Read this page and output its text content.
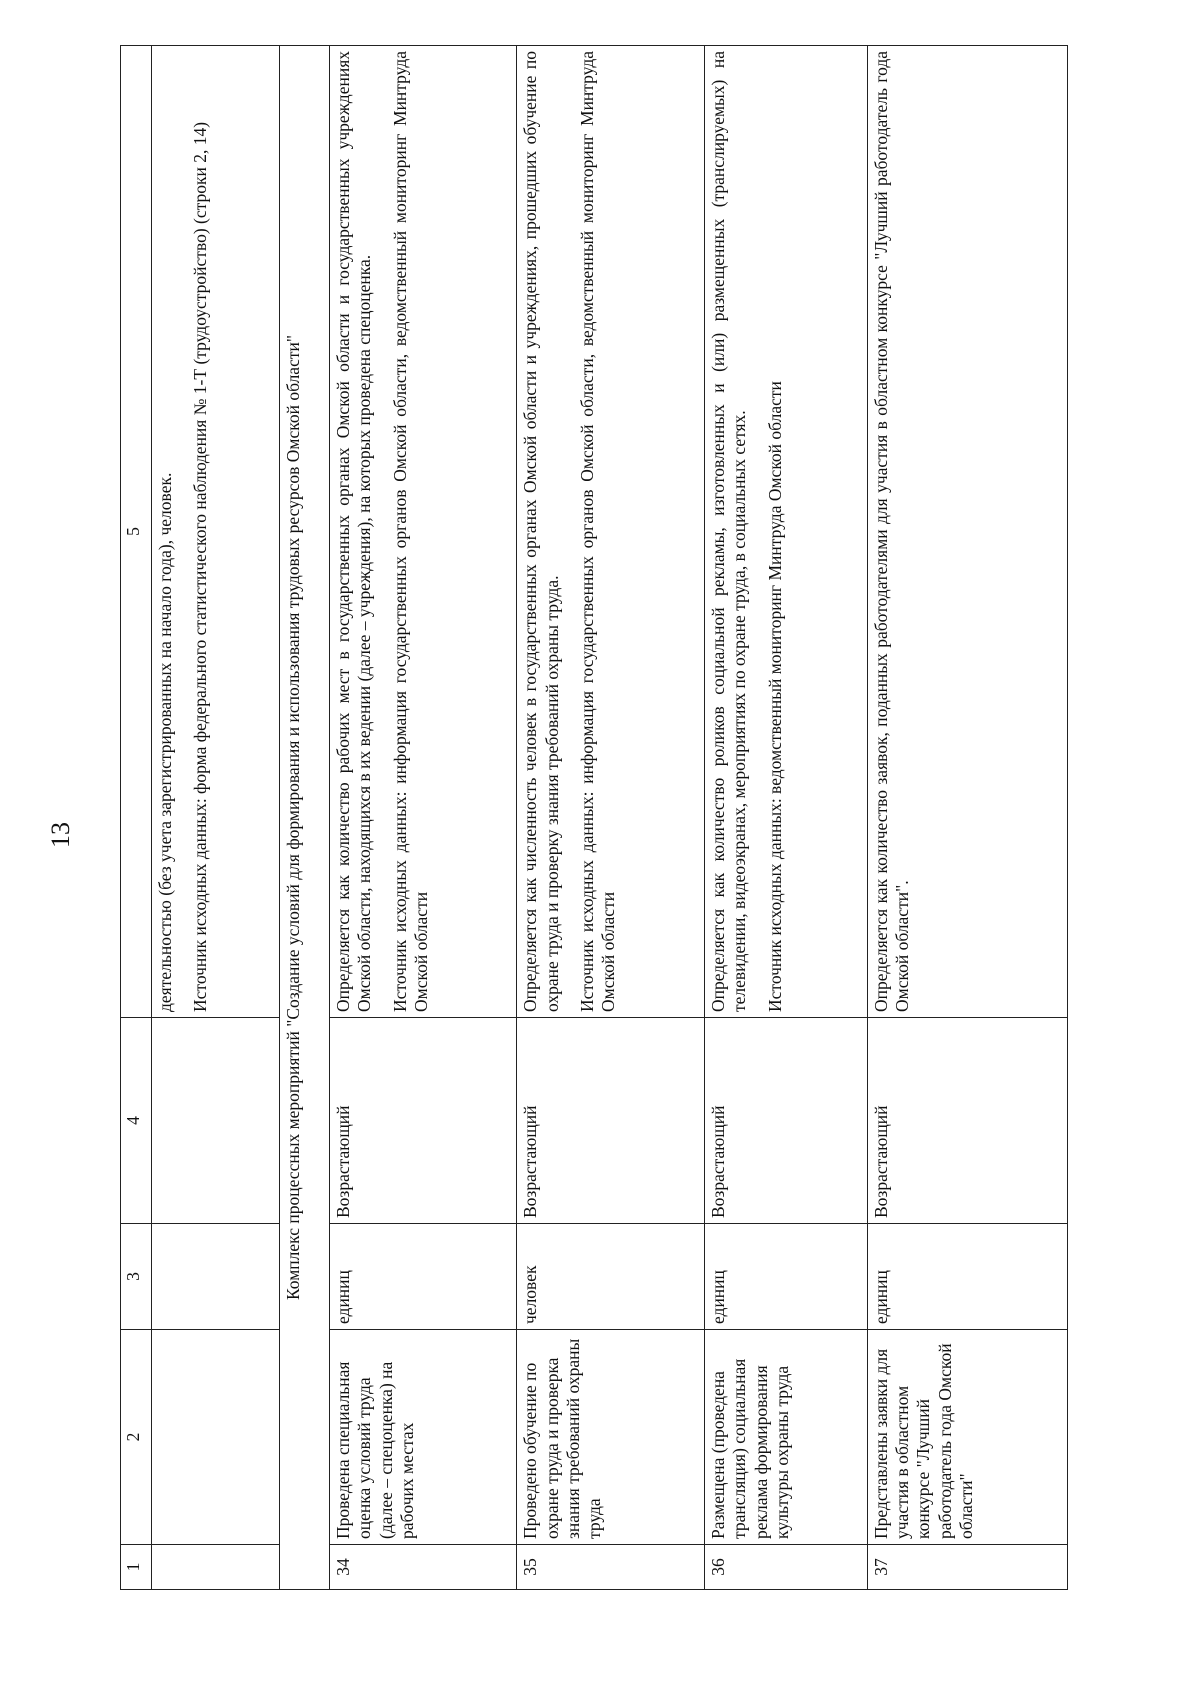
13
1	2	3	4	5

				деятельностью (без учета зарегистрированных на начало года), человек. Источник исходных данных: форма федерального статистического наблюдения № 1-Т (трудоустройство) (строки 2, 14)

Комплекс процессных мероприятий "Создание условий для формирования и использования трудовых ресурсов Омской области"				
34	Проведена специальная оценка условий труда (далее – спецоценка) на рабочих местах	единиц	Возрастающий	Определяется как количество рабочих мест в государственных органах Омской области и государственных учреждениях Омской области, находящихся в их ведении (далее – учреждения), на которых проведена спецоценка. Источник исходных данных: информация государственных органов Омской области, ведомственный мониторинг Минтруда Омской области

35	Проведено обучение по охране труда и проверка знания требований охраны труда	человек	Возрастающий	Определяется как численность человек в государственных органах Омской области и учреждениях, прошедших обучение по охране труда и проверку знания требований охраны труда. Источник исходных данных: информация государственных органов Омской области, ведомственный мониторинг Минтруда Омской области

36	Размещена (проведена трансляция) социальная реклама формирования культуры охраны труда	единиц	Возрастающий	Определяется как количество роликов социальной рекламы, изготовленных и (или) размещенных (транслируемых) на телевидении, видеоэкранах, мероприятиях по охране труда, в социальных сетях. Источник исходных данных: ведомственный мониторинг Минтруда Омской области

37	Представлены заявки для участия в областном конкурсе "Лучший работодатель года Омской области"	единиц	Возрастающий	Определяется как количество заявок, поданных работодателями для участия в областном конкурсе "Лучший работодатель года Омской области".
